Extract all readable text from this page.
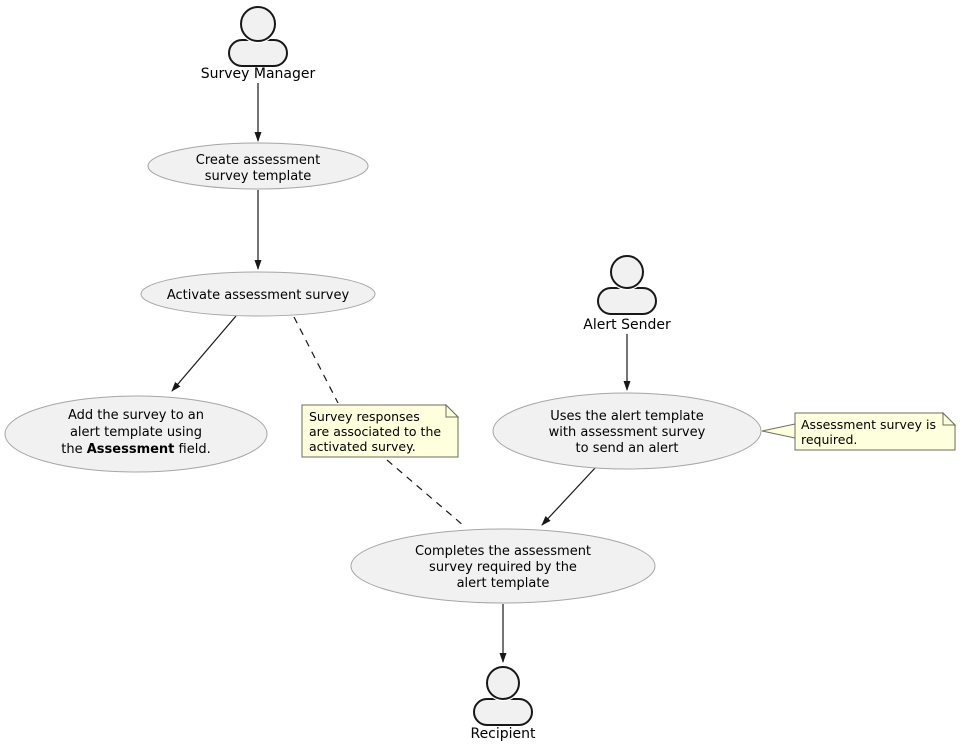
Survey Manager
Alert Sender
Recipient
Create assessment
survey template
Activate assessment survey
Add the survey to an
alert template using
the Assessment field.
Uses the alert template
with assessment survey
to send an alert
Completes the assessment
survey required by the
alert template
Survey responses
are associated to the
activated survey.
Assessment survey is
required.
